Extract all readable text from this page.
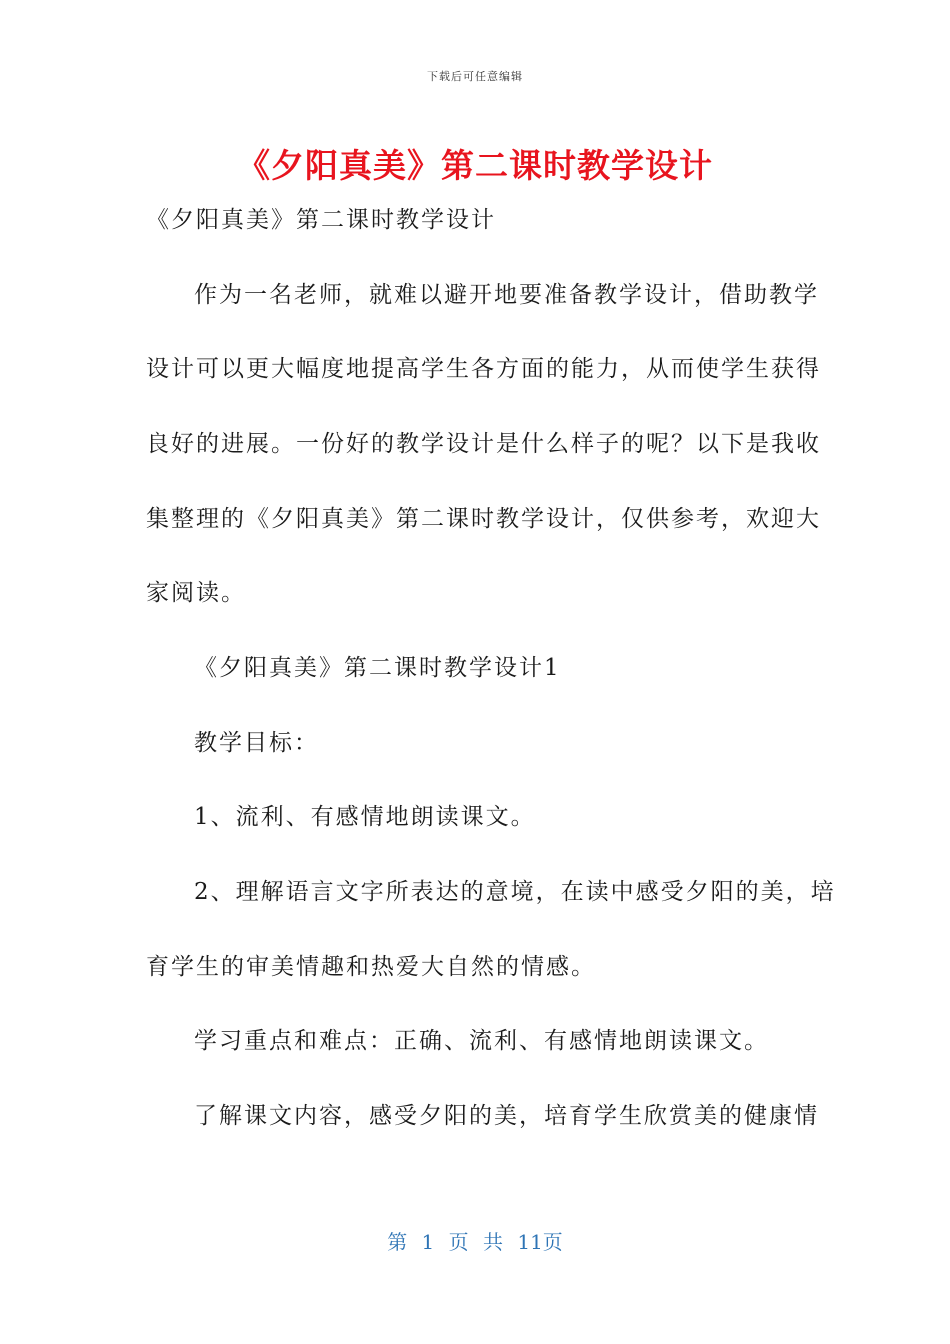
下载后可任意编辑
《夕阳真美》第二课时教学设计
《夕阳真美》第二课时教学设计
作为一名老师，就难以避开地要准备教学设计，借助教学
设计可以更大幅度地提高学生各方面的能力，从而使学生获得
良好的进展。一份好的教学设计是什么样子的呢？以下是我收
集整理的《夕阳真美》第二课时教学设计，仅供参考，欢迎大
家阅读。
《夕阳真美》第二课时教学设计1
教学目标：
1、流利、有感情地朗读课文。
2、理解语言文字所表达的意境，在读中感受夕阳的美，培
育学生的审美情趣和热爱大自然的情感。
学习重点和难点：正确、流利、有感情地朗读课文。
了解课文内容，感受夕阳的美，培育学生欣赏美的健康情
第 1 页 共 11页
